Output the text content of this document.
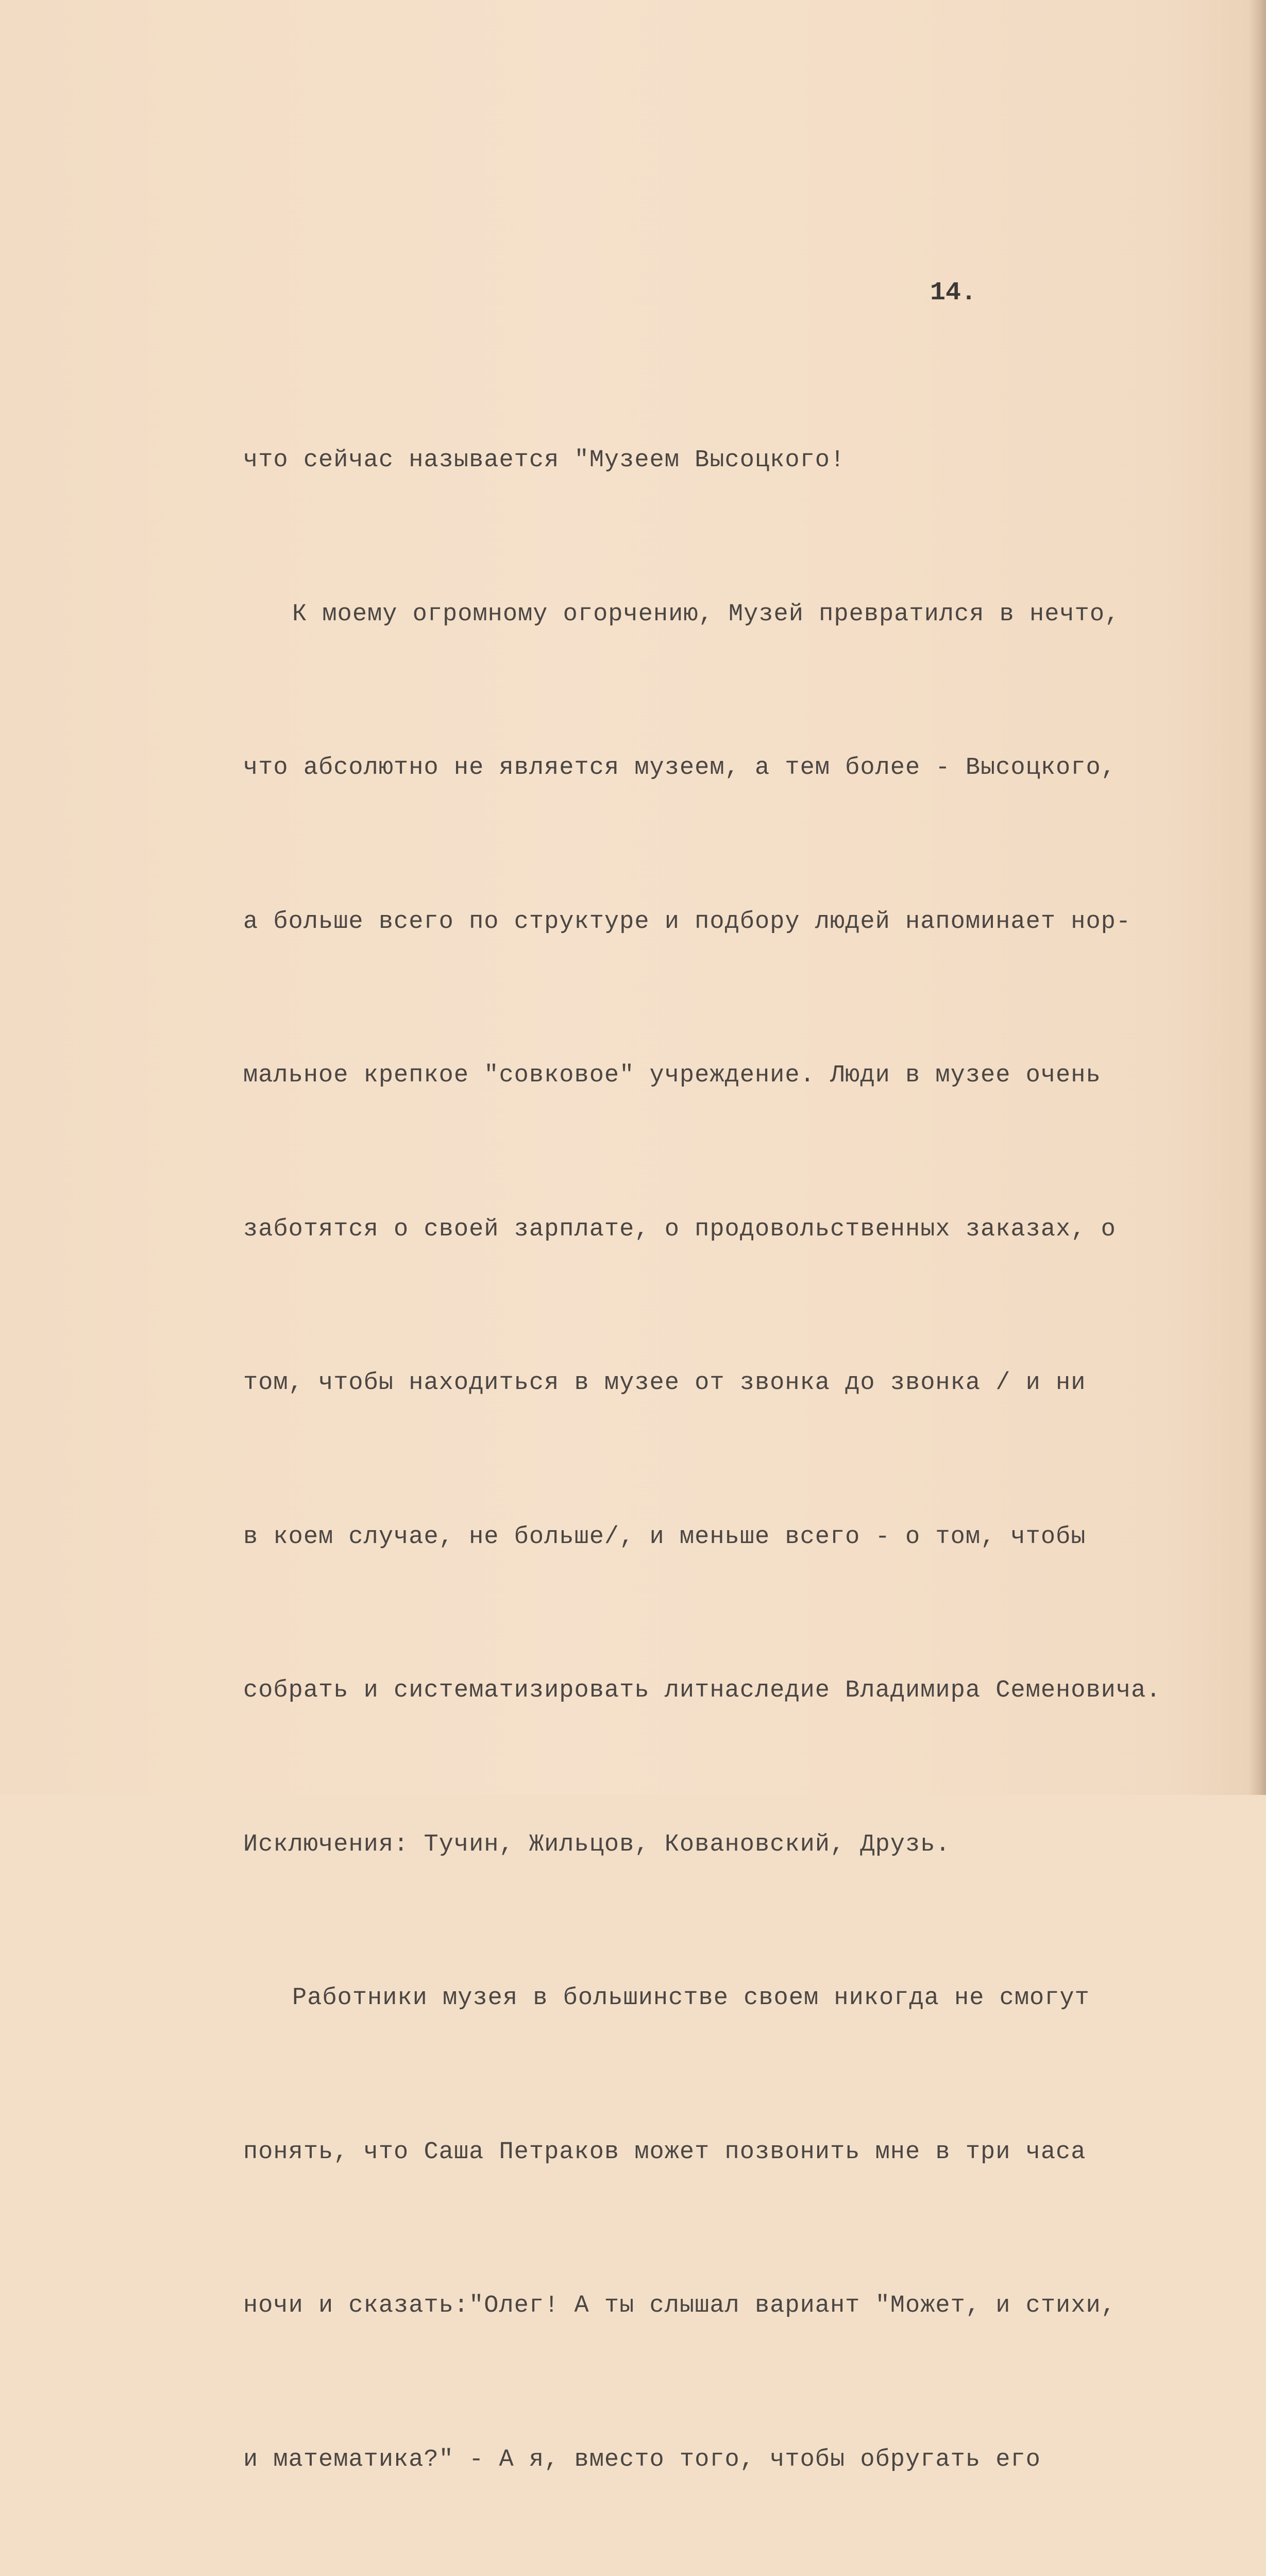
14.

что сейчас называется "Музеем Высоцкого!

К моему огромному огорчению, Музей превратился в нечто,

что абсолютно не является музеем, а тем более - Высоцкого,

а больше всего по структуре и подбору людей напоминает нор-

мальное крепкое "совковое" учреждение. Люди в музее очень

заботятся о своей зарплате, о продовольственных заказах, о

том, чтобы находиться в музее от звонка до звонка / и ни

в коем случае, не больше/, и меньше всего - о том, чтобы

собрать и систематизировать литнаследие Владимира Семеновича.

Исключения: Тучин, Жильцов, Ковановский, Друзь.

Работники музея в большинстве своем никогда не смогут

понять, что Саша Петраков может позвонить мне в три часа

ночи и сказать:"Олег! А ты слышал вариант "Может, и стихи,

и математика?" - А я, вместо того, чтобы обругать его
